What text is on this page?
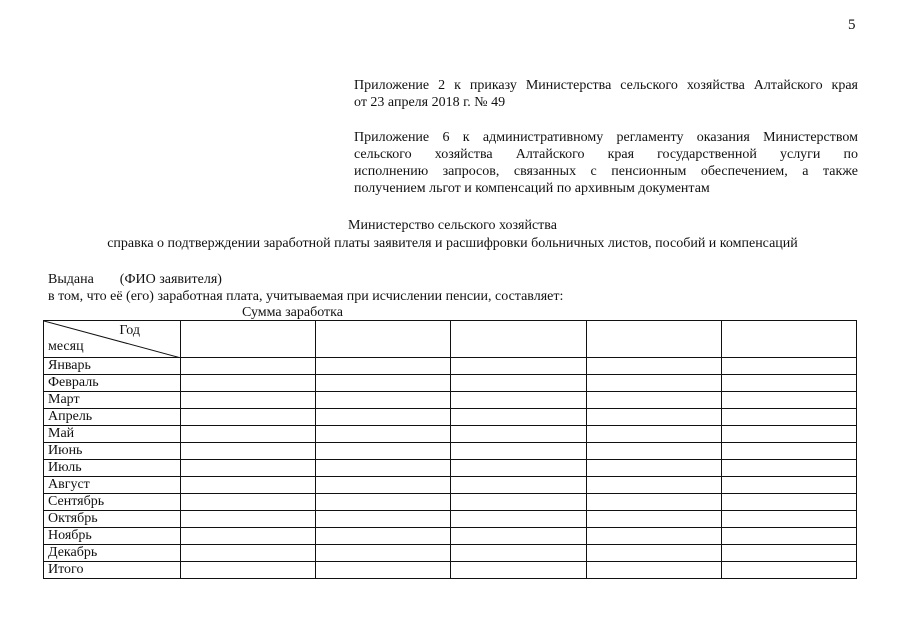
5
Приложение 2 к приказу Министерства сельского хозяйства Алтайского края
от 23 апреля 2018 г. № 49
Приложение 6 к административному регламенту оказания Министерством
сельского хозяйства Алтайского края государственной услуги по
исполнению запросов, связанных с пенсионным обеспечением, а также
получением льгот и компенсаций по архивным документам
Министерство сельского хозяйства
справка о подтверждении заработной платы заявителя и расшифровки больничных листов, пособий и компенсаций
Выдана (ФИО заявителя)
в том, что её (его) заработная плата, учитываемая при исчислении пенсии, составляет:
Сумма заработка
Год
месяц					

Январь					
Февраль					
Март					
Апрель					
Май					
Июнь					
Июль					
Август					
Сентябрь					
Октябрь					
Ноябрь					
Декабрь					
Итого					
